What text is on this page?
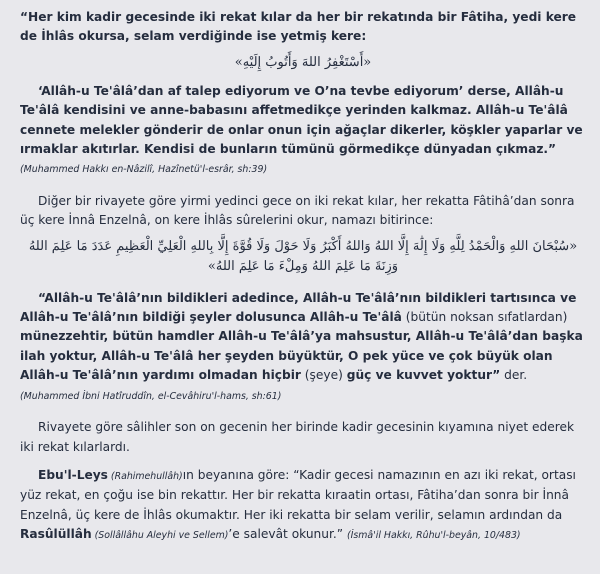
“Her kim kadir gecesinde iki rekat kılar da her bir rekatında bir Fâtiha, yedi kere de İhlâs okursa, selam verdiğinde ise yetmiş kere:

«أَسْتَغْفِرُ اللهَ وَأَتُوبُ إِلَيْهِ»

‘Allâh-u Te'âlâ’dan af talep ediyorum ve O’na tevbe ediyorum’ derse, Allâh-u Te'âlâ kendisini ve anne-babasını affetmedikçe yerinden kalkmaz. Allâh-u Te'âlâ cennete melekler gönderir de onlar onun için ağaçlar dikerler, köşkler yaparlar ve ırmaklar akıtırlar. Kendisi de bunların tümünü görmedikçe dünyadan çıkmaz.” (Muhammed Hakkı en-Nâzilî, Hazînetü'l-esrâr, sh:39)

Diğer bir rivayete göre yirmi yedinci gece on iki rekat kılar, her rekatta Fâtihâ’dan sonra üç kere İnnâ Enzelnâ, on kere İhlâs sûrelerini okur, namazı bitirince:

«سُبْحَانَ اللهِ وَالْحَمْدُ لِلَّهِ وَلَا إِلَٰهَ إِلَّا اللهُ وَاللهُ أَكْبَرُ وَلَا حَوْلَ وَلَا قُوَّةَ إِلَّا بِاللهِ الْعَلِيِّ الْعَظِيمِ عَدَدَ مَا عَلِمَ اللهُ وَزِنَةَ مَا عَلِمَ اللهُ وَمِلْءَ مَا عَلِمَ اللهُ»

“Allâh-u Te'âlâ’nın bildikleri adedince, Allâh-u Te'âlâ’nın bildikleri tartısınca ve Allâh-u Te'âlâ’nın bildiği şeyler dolusunca Allâh-u Te'âlâ (bütün noksan sıfatlardan) münezzehtir, bütün hamdler Allâh-u Te'âlâ’ya mahsustur, Allâh-u Te'âlâ’dan başka ilah yoktur, Allâh-u Te'âlâ her şeyden büyüktür, O pek yüce ve çok büyük olan Allâh-u Te'âlâ’nın yardımı olmadan hiçbir (şeye) güç ve kuvvet yoktur” der. (Muhammed İbni Hatîruddîn, el-Cevâhiru'l-hams, sh:61)

Rivayete göre sâlihler son on gecenin her birinde kadir gecesinin kıyamına niyet ederek iki rekat kılarlardı.

Ebu'l-Leys (Rahimehullâh)ın beyanına göre: “Kadir gecesi namazının en azı iki rekat, ortası yüz rekat, en çoğu ise bin rekattır. Her bir rekatta kıraatin ortası, Fâtiha’dan sonra bir İnnâ Enzelnâ, üç kere de İhlâs okumaktır. Her iki rekatta bir selam verilir, selamın ardından da Rasûlüllâh (Sollâllâhu Aleyhi ve Sellem)’e salevât okunur.” (İsmâ'il Hakkı, Rûhu'l-beyân, 10/483)
